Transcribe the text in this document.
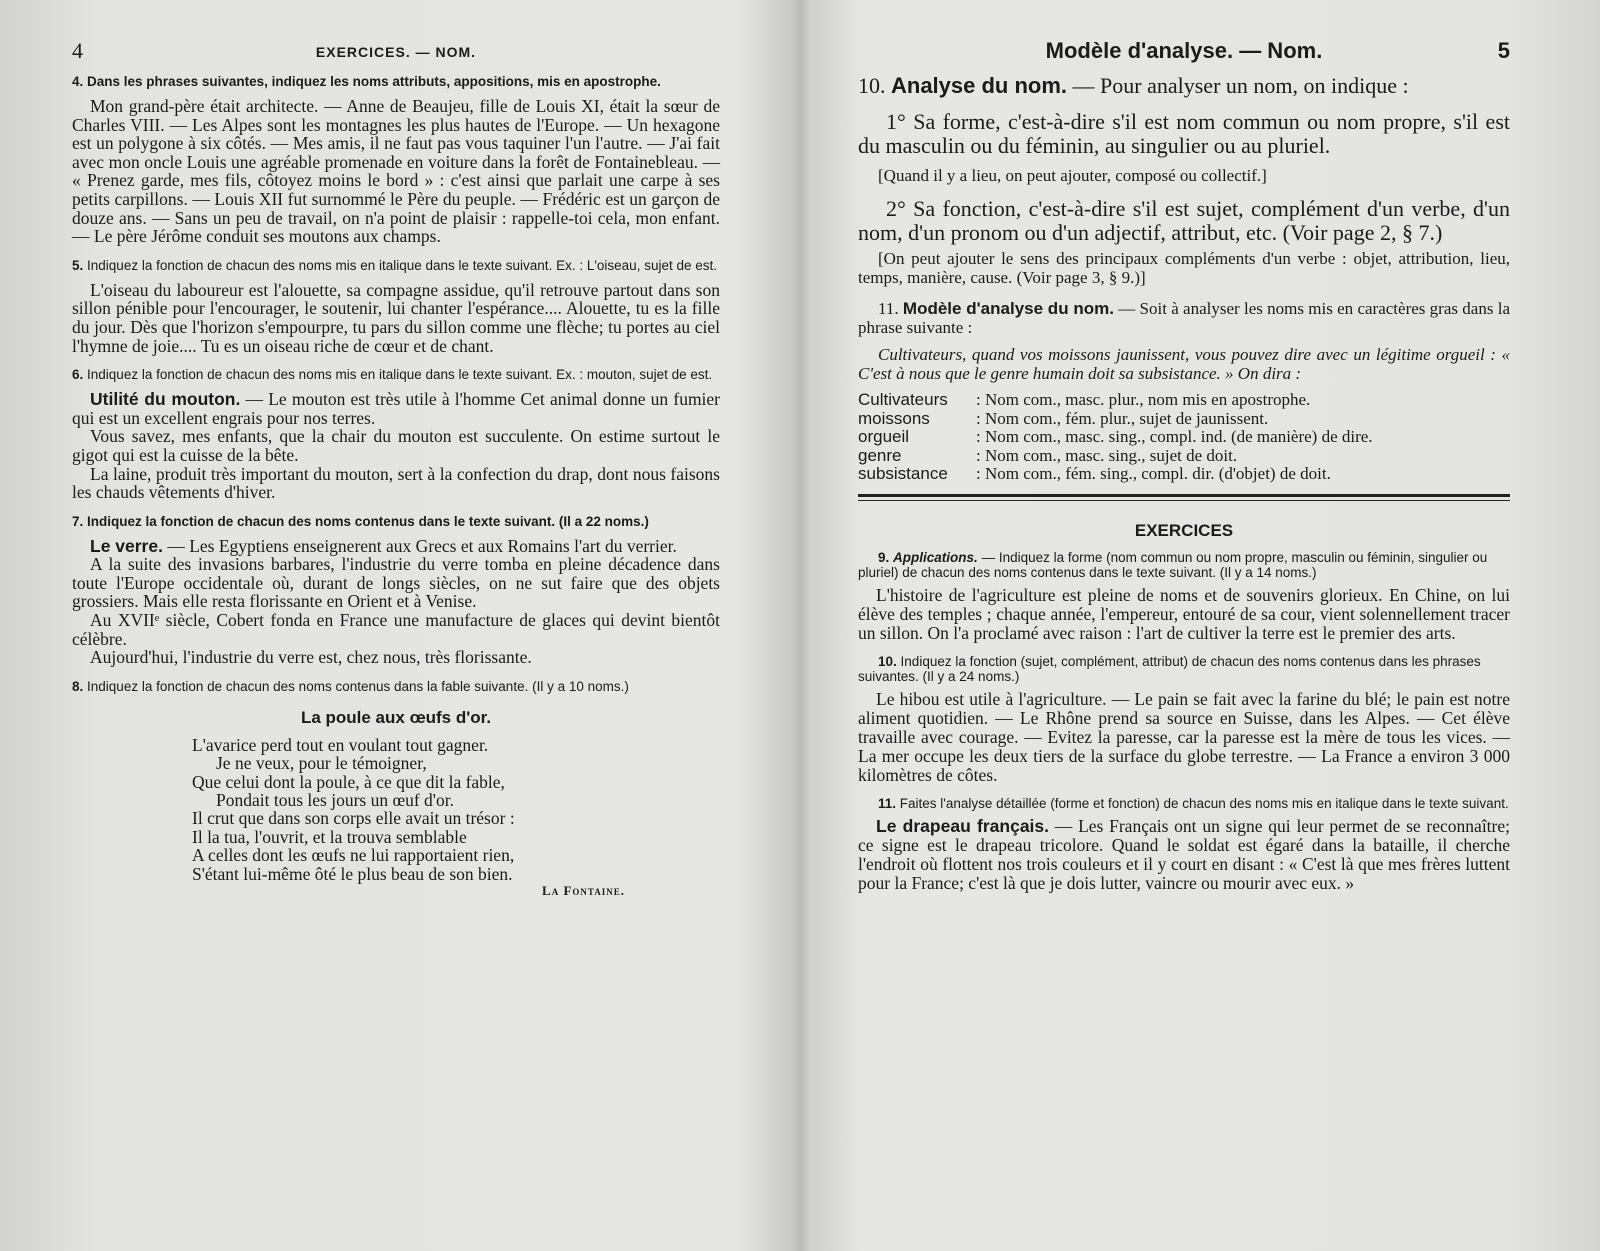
4	EXERCICES. — NOM.

4. Dans les phrases suivantes, indiquez les noms attributs, appositions, mis en apostrophe.

Mon grand-père était architecte. — Anne de Beaujeu, fille de Louis XI, était la sœur de Charles VIII. — Les Alpes sont les montagnes les plus hautes de l'Europe. — Un hexagone est un polygone à six côtés. — Mes amis, il ne faut pas vous taquiner l'un l'autre. — J'ai fait avec mon oncle Louis une agréable promenade en voiture dans la forêt de Fontainebleau. — « Prenez garde, mes fils, côtoyez moins le bord » : c'est ainsi que parlait une carpe à ses petits carpillons. — Louis XII fut surnommé le Père du peuple. — Frédéric est un garçon de douze ans. — Sans un peu de travail, on n'a point de plaisir : rappelle-toi cela, mon enfant. — Le père Jérôme conduit ses moutons aux champs.

5. Indiquez la fonction de chacun des noms mis en italique dans le texte suivant. Ex. : L'oiseau, sujet de est.

L'oiseau du laboureur est l'alouette, sa compagne assidue, qu'il retrouve partout dans son sillon pénible pour l'encourager, le soutenir, lui chanter l'espérance.... Alouette, tu es la fille du jour. Dès que l'horizon s'empourpre, tu pars du sillon comme une flèche; tu portes au ciel l'hymne de joie.... Tu es un oiseau riche de cœur et de chant.

6. Indiquez la fonction de chacun des noms mis en italique dans le texte suivant. Ex. : mouton, sujet de est.

Utilité du mouton. — Le mouton est très utile à l'homme Cet animal donne un fumier qui est un excellent engrais pour nos terres.

Vous savez, mes enfants, que la chair du mouton est succulente. On estime surtout le gigot qui est la cuisse de la bête.

La laine, produit très important du mouton, sert à la confection du drap, dont nous faisons les chauds vêtements d'hiver.

7. Indiquez la fonction de chacun des noms contenus dans le texte suivant. (Il a 22 noms.)

Le verre. — Les Egyptiens enseignerent aux Grecs et aux Romains l'art du verrier.

A la suite des invasions barbares, l'industrie du verre tomba en pleine décadence dans toute l'Europe occidentale où, durant de longs siècles, on ne sut faire que des objets grossiers. Mais elle resta florissante en Orient et à Venise.

Au XVIIᵉ siècle, Cobert fonda en France une manufacture de glaces qui devint bientôt célèbre.

Aujourd'hui, l'industrie du verre est, chez nous, très florissante.

8. Indiquez la fonction de chacun des noms contenus dans la fable suivante. (Il y a 10 noms.)

La poule aux œufs d'or.
L'avarice perd tout en voulant tout gagner.
Je ne veux, pour le témoigner,
Que celui dont la poule, à ce que dit la fable,
Pondait tous les jours un œuf d'or.
Il crut que dans son corps elle avait un trésor :
Il la tua, l'ouvrit, et la trouva semblable
A celles dont les œufs ne lui rapportaient rien,
S'étant lui-même ôté le plus beau de son bien.
La Fontaine.
Modèle d'analyse. — Nom.	5

10. Analyse du nom. — Pour analyser un nom, on indique :

1° Sa forme, c'est-à-dire s'il est nom commun ou nom propre, s'il est du masculin ou du féminin, au singulier ou au pluriel.

[Quand il y a lieu, on peut ajouter, composé ou collectif.]

2° Sa fonction, c'est-à-dire s'il est sujet, complément d'un verbe, d'un nom, d'un pronom ou d'un adjectif, attribut, etc. (Voir page 2, § 7.)

[On peut ajouter le sens des principaux compléments d'un verbe : objet, attribution, lieu, temps, manière, cause. (Voir page 3, § 9.)]

11. Modèle d'analyse du nom. — Soit à analyser les noms mis en caractères gras dans la phrase suivante :

Cultivateurs, quand vos moissons jaunissent, vous pouvez dire avec un légitime orgueil : « C'est à nous que le genre humain doit sa subsistance. » On dira :

Cultivateurs	: Nom com., masc. plur., nom mis en apostrophe.
moissons	: Nom com., fém. plur., sujet de jaunissent.
orgueil	: Nom com., masc. sing., compl. ind. (de manière) de dire.
genre	: Nom com., masc. sing., sujet de doit.
subsistance	: Nom com., fém. sing., compl. dir. (d'objet) de doit.
EXERCICES

9. Applications. — Indiquez la forme (nom commun ou nom propre, masculin ou féminin, singulier ou pluriel) de chacun des noms contenus dans le texte suivant. (Il y a 14 noms.)

L'histoire de l'agriculture est pleine de noms et de souvenirs glorieux. En Chine, on lui élève des temples ; chaque année, l'empereur, entouré de sa cour, vient solennellement tracer un sillon. On l'a proclamé avec raison : l'art de cultiver la terre est le premier des arts.

10. Indiquez la fonction (sujet, complément, attribut) de chacun des noms contenus dans les phrases suivantes. (Il y a 24 noms.)

Le hibou est utile à l'agriculture. — Le pain se fait avec la farine du blé; le pain est notre aliment quotidien. — Le Rhône prend sa source en Suisse, dans les Alpes. — Cet élève travaille avec courage. — Evitez la paresse, car la paresse est la mère de tous les vices. — La mer occupe les deux tiers de la surface du globe terrestre. — La France a environ 3 000 kilomètres de côtes.

11. Faites l'analyse détaillée (forme et fonction) de chacun des noms mis en italique dans le texte suivant.

Le drapeau français. — Les Français ont un signe qui leur permet de se reconnaître; ce signe est le drapeau tricolore. Quand le soldat est égaré dans la bataille, il cherche l'endroit où flottent nos trois couleurs et il y court en disant : « C'est là que mes frères luttent pour la France; c'est là que je dois lutter, vaincre ou mourir avec eux. »
